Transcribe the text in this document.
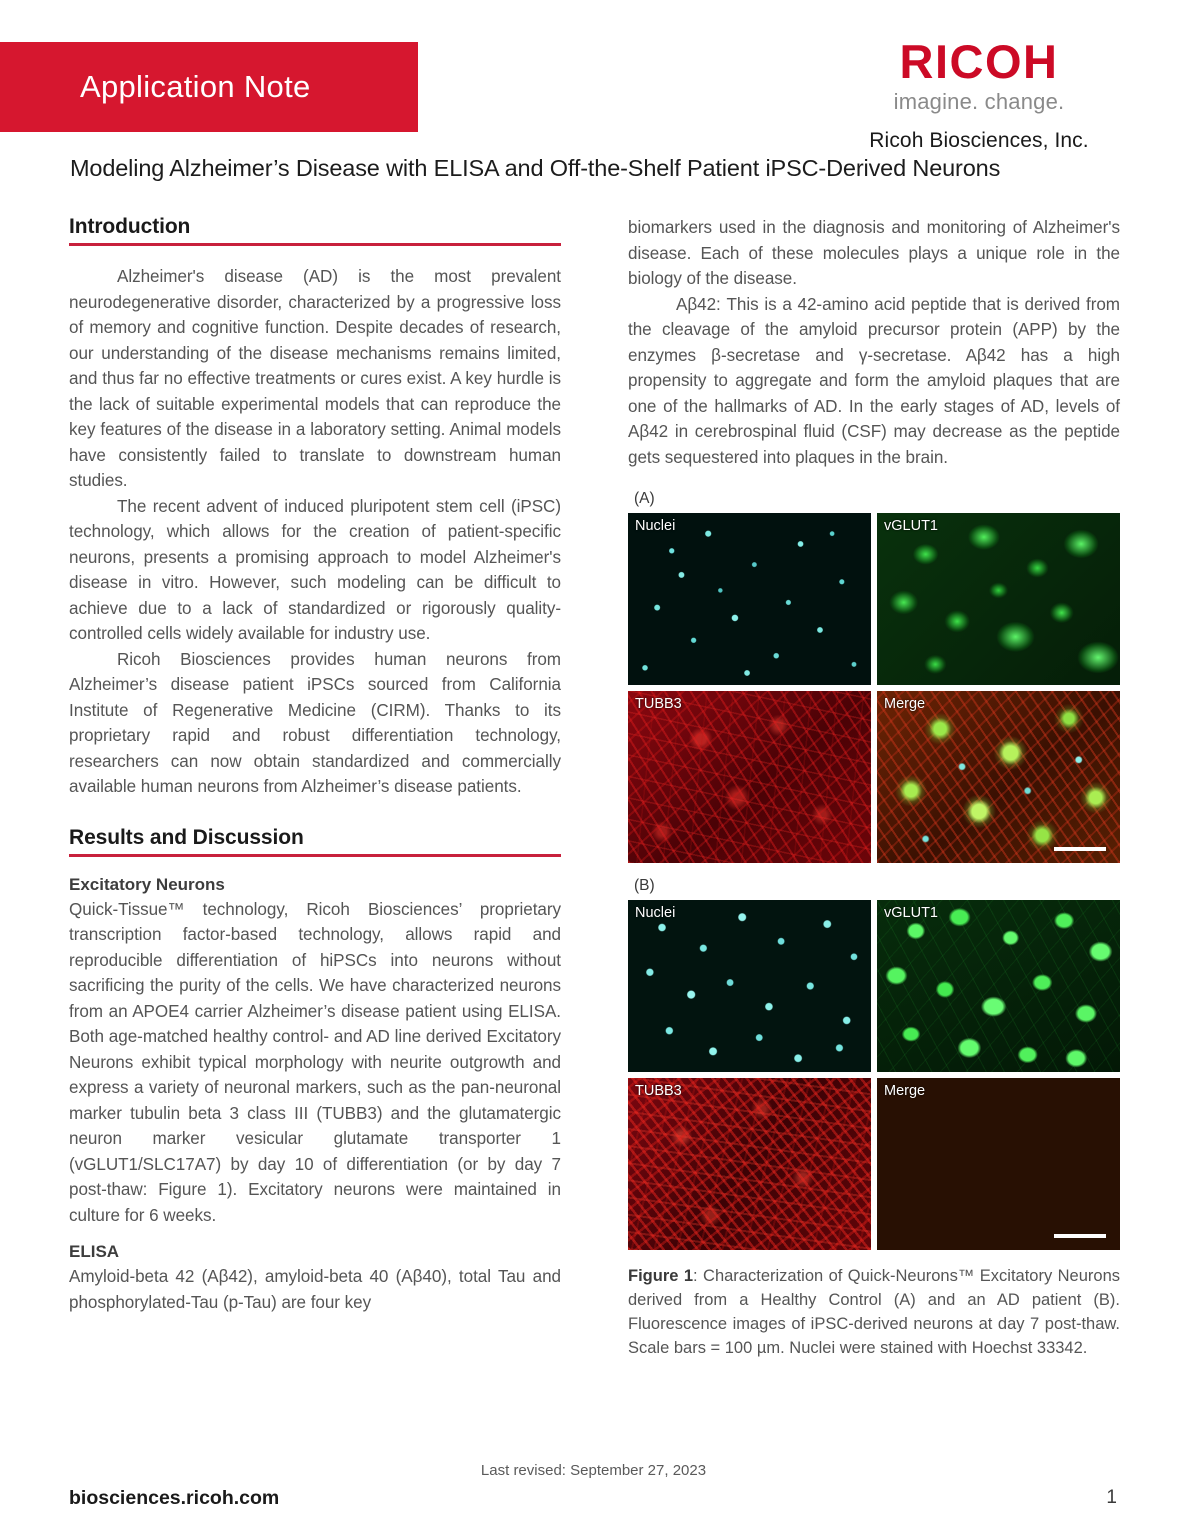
Application Note	RICOH
imagine. change.
Ricoh Biosciences, Inc.
Modeling Alzheimer’s Disease with ELISA and Off-the-Shelf Patient iPSC-Derived Neurons
Introduction

Alzheimer's disease (AD) is the most prevalent neurodegenerative disorder, characterized by a progressive loss of memory and cognitive function. Despite decades of research, our understanding of the disease mechanisms remains limited, and thus far no effective treatments or cures exist. A key hurdle is the lack of suitable experimental models that can reproduce the key features of the disease in a laboratory setting. Animal models have consistently failed to translate to downstream human studies.

The recent advent of induced pluripotent stem cell (iPSC) technology, which allows for the creation of patient-specific neurons, presents a promising approach to model Alzheimer's disease in vitro. However, such modeling can be difficult to achieve due to a lack of standardized or rigorously quality-controlled cells widely available for industry use.

Ricoh Biosciences provides human neurons from Alzheimer’s disease patient iPSCs sourced from California Institute of Regenerative Medicine (CIRM). Thanks to its proprietary rapid and robust differentiation technology, researchers can now obtain standardized and commercially available human neurons from Alzheimer’s disease patients.

Results and Discussion
Excitatory Neurons

Quick-Tissue™ technology, Ricoh Biosciences’ proprietary transcription factor-based technology, allows rapid and reproducible differentiation of hiPSCs into neurons without sacrificing the purity of the cells. We have characterized neurons from an APOE4 carrier Alzheimer’s disease patient using ELISA. Both age-matched healthy control- and AD line derived Excitatory Neurons exhibit typical morphology with neurite outgrowth and express a variety of neuronal markers, such as the pan-neuronal marker tubulin beta 3 class III (TUBB3) and the glutamatergic neuron marker vesicular glutamate transporter 1 (vGLUT1/SLC17A7) by day 10 of differentiation (or by day 7 post-thaw: Figure 1). Excitatory neurons were maintained in culture for 6 weeks.

ELISA

Amyloid-beta 42 (Aβ42), amyloid-beta 40 (Aβ40), total Tau and phosphorylated-Tau (p-Tau) are four key

biomarkers used in the diagnosis and monitoring of Alzheimer's disease. Each of these molecules plays a unique role in the biology of the disease.

Aβ42: This is a 42-amino acid peptide that is derived from the cleavage of the amyloid precursor protein (APP) by the enzymes β-secretase and γ-secretase. Aβ42 has a high propensity to aggregate and form the amyloid plaques that are one of the hallmarks of AD. In the early stages of AD, levels of Aβ42 in cerebrospinal fluid (CSF) may decrease as the peptide gets sequestered into plaques in the brain.

(A)
Nuclei	vGLUT1
TUBB3	Merge
(B)
Nuclei	vGLUT1
TUBB3	Merge
Figure 1: Characterization of Quick-Neurons™ Excitatory Neurons derived from a Healthy Control (A) and an AD patient (B). Fluorescence images of iPSC-derived neurons at day 7 post-thaw. Scale bars = 100 µm. Nuclei were stained with Hoechst 33342.
Last revised: September 27, 2023
biosciences.ricoh.com	1
